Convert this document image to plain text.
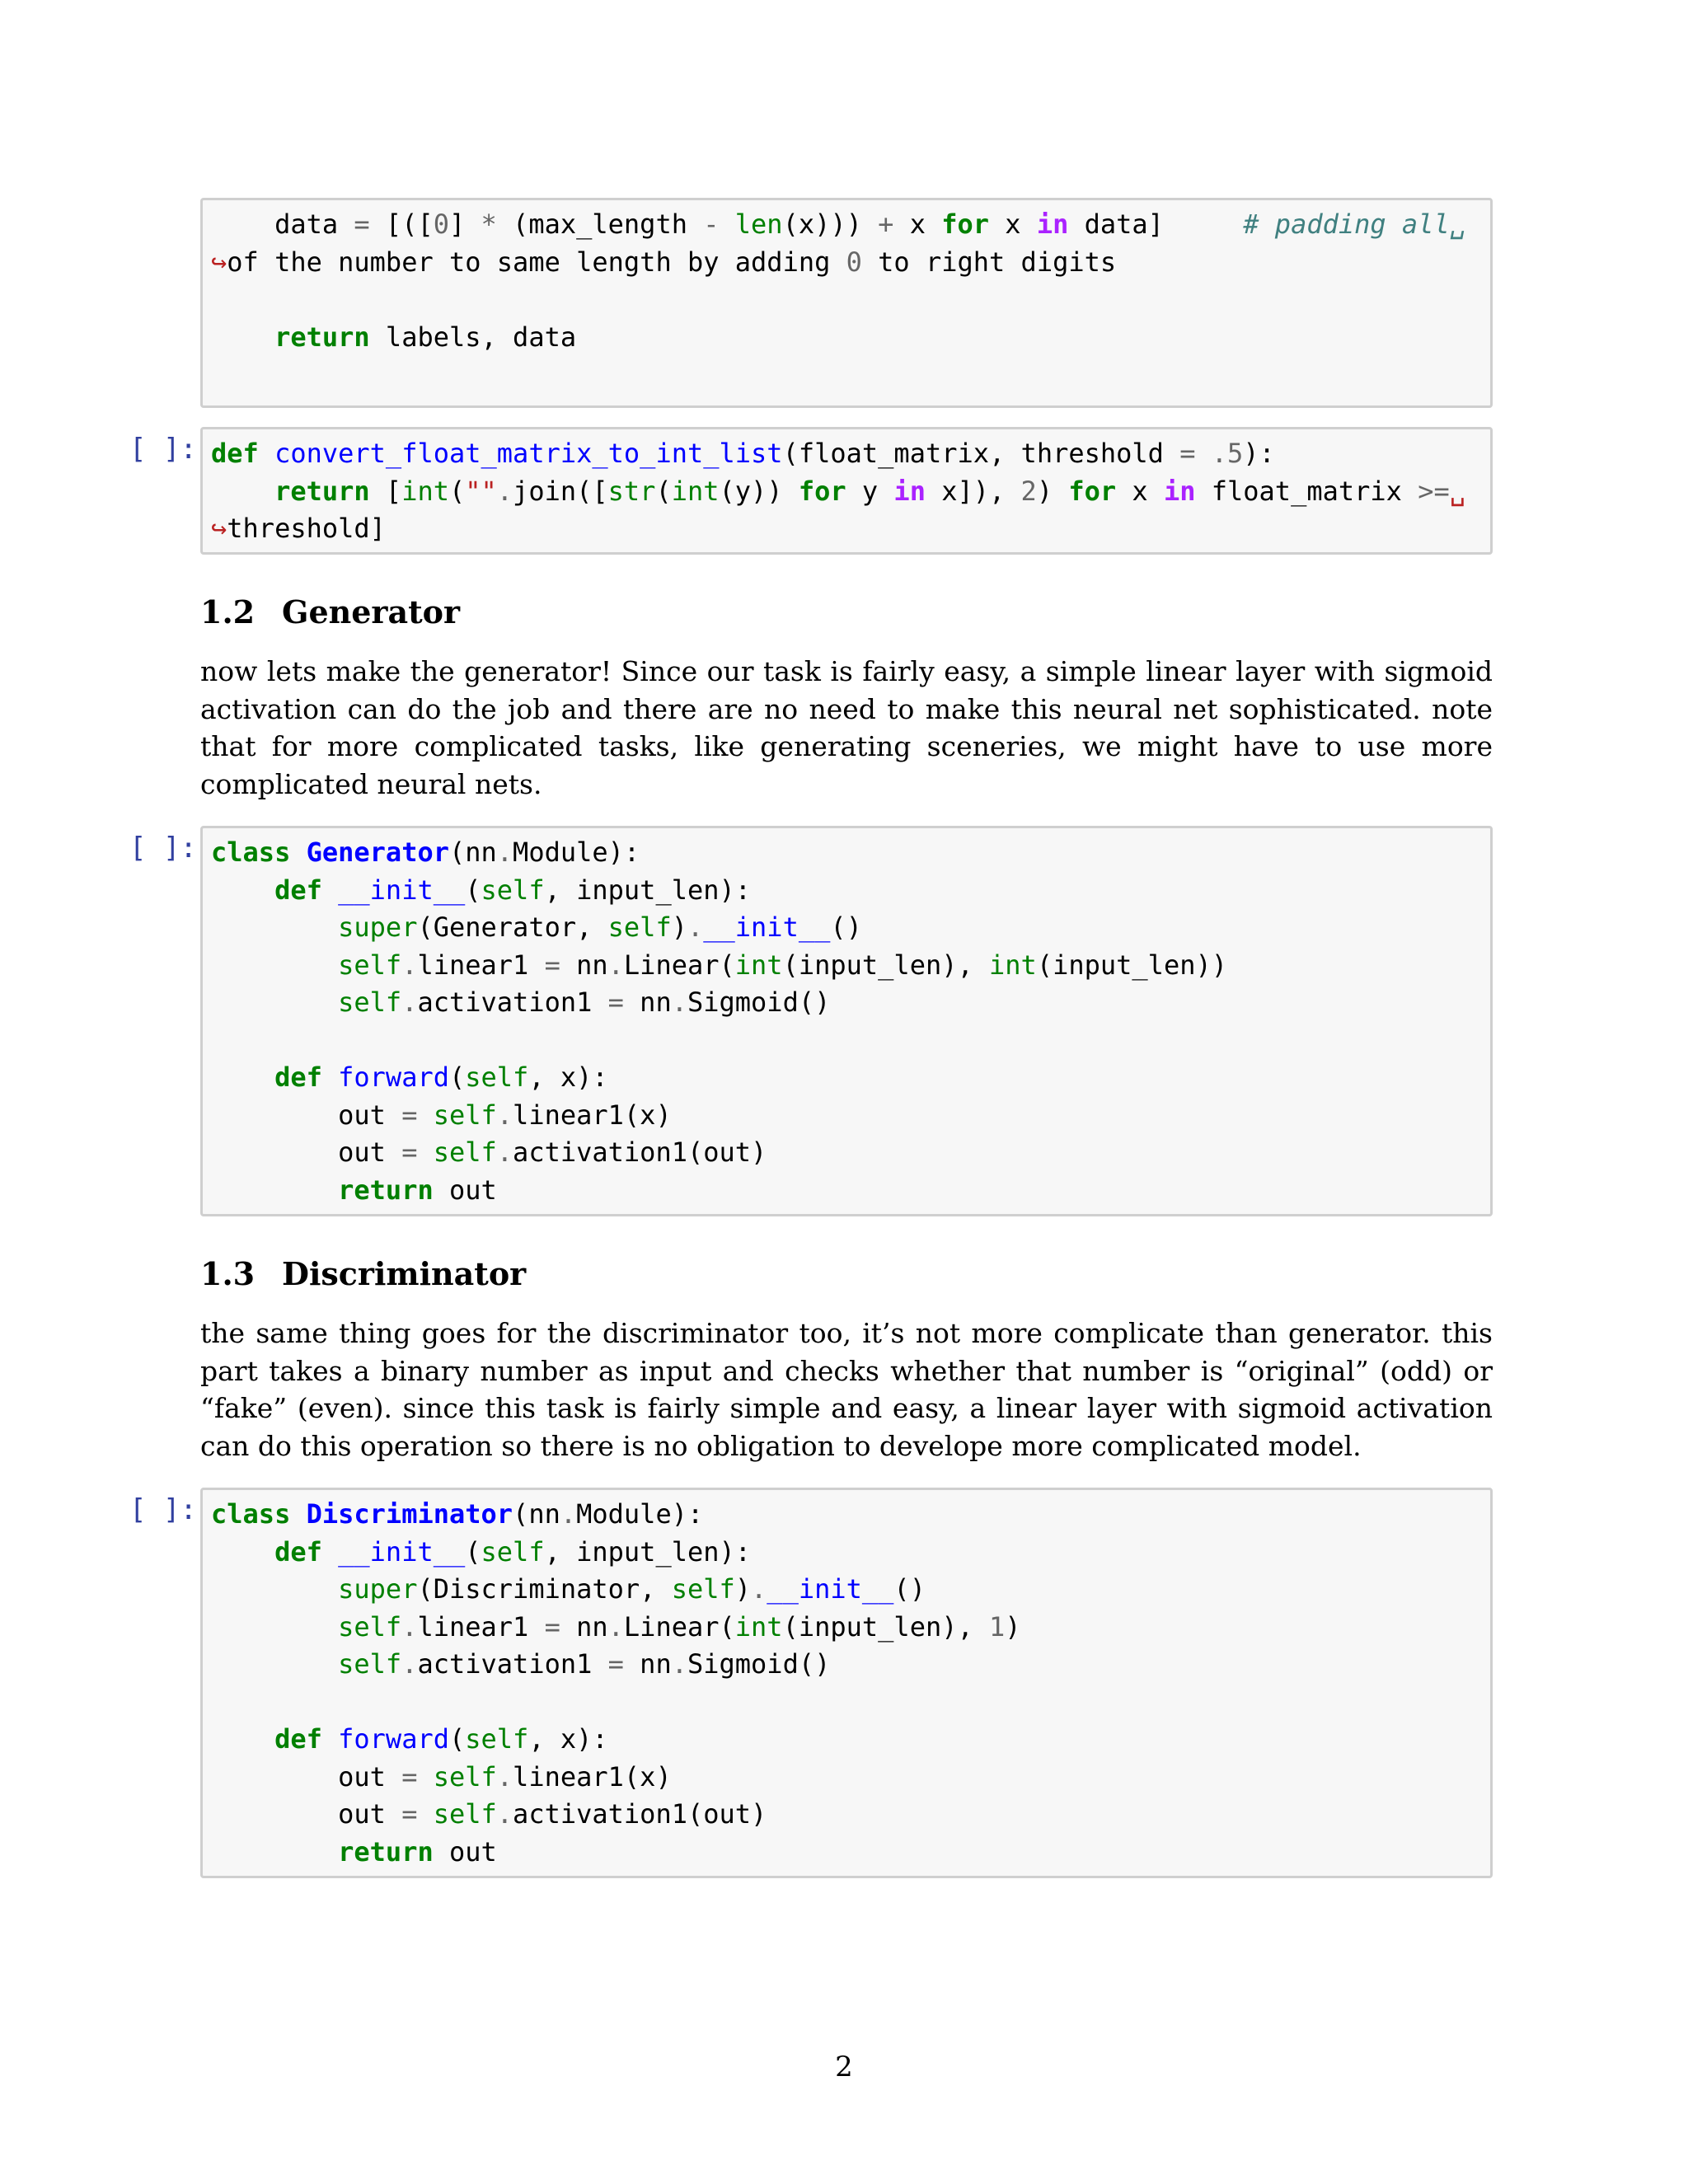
data = [([0] * (max_length - len(x))) + x for x in data]     # padding all␣
↪of the number to same length by adding 0 to right digits
return labels, data
[ ]: def convert_float_matrix_to_int_list(float_matrix, threshold = .5):
return [int("".join([str(int(y)) for y in x]), 2) for x in float_matrix >=␣
↪threshold]
1.2 Generator

now lets make the generator! Since our task is fairly easy, a simple linear layer with sigmoid activation can do the job and there are no need to make this neural net sophisticated. note that for more complicated tasks, like generating sceneries, we might have to use more complicated neural nets.

[ ]: class Generator(nn.Module):
def __init__(self, input_len):
super(Generator, self).__init__()
self.linear1 = nn.Linear(int(input_len), int(input_len))
self.activation1 = nn.Sigmoid()
def forward(self, x):
out = self.linear1(x)
out = self.activation1(out)
return out
1.3 Discriminator

the same thing goes for the discriminator too, it’s not more complicate than generator. this part takes a binary number as input and checks whether that number is “original” (odd) or “fake” (even). since this task is fairly simple and easy, a linear layer with sigmoid activation can do this operation so there is no obligation to develope more complicated model.

[ ]: class Discriminator(nn.Module):
def __init__(self, input_len):
super(Discriminator, self).__init__()
self.linear1 = nn.Linear(int(input_len), 1)
self.activation1 = nn.Sigmoid()
def forward(self, x):
out = self.linear1(x)
out = self.activation1(out)
return out
2
